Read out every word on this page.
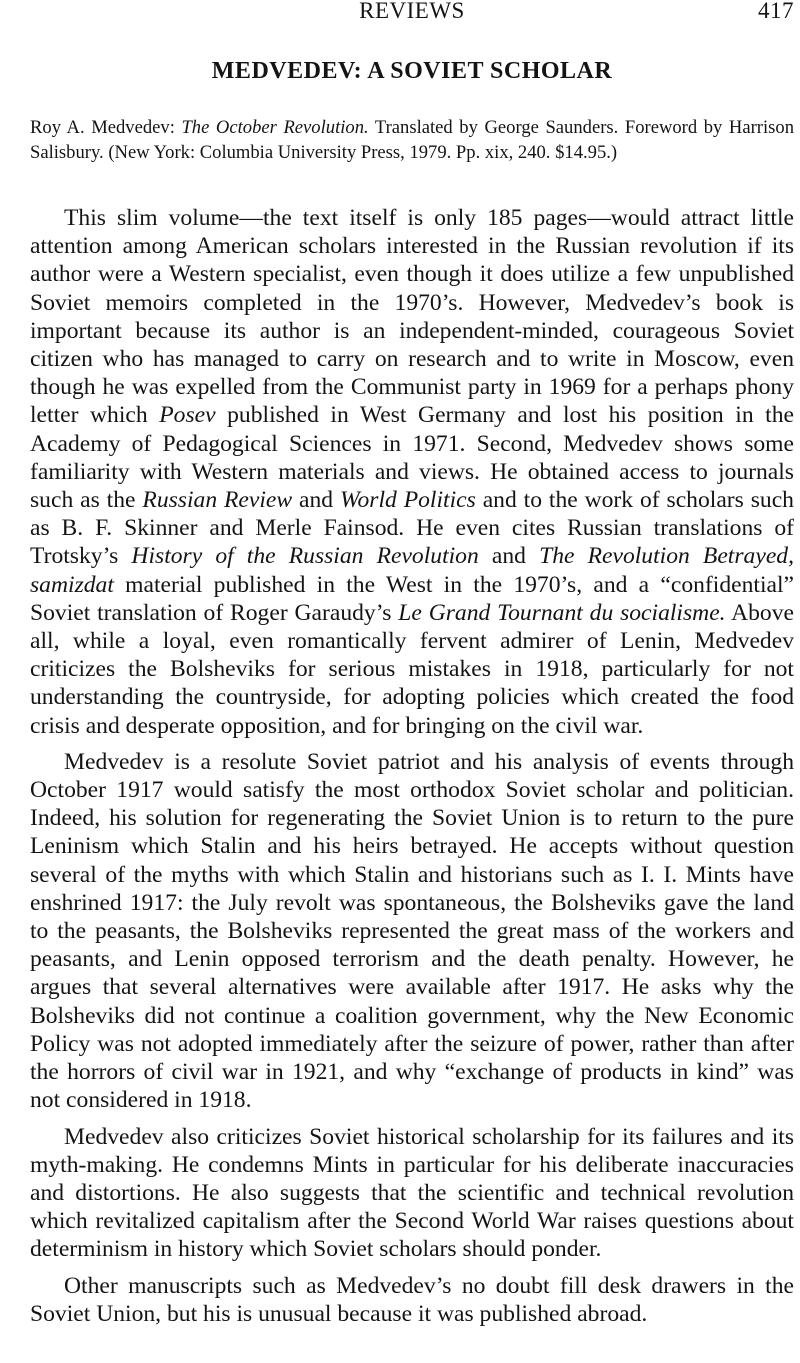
REVIEWS	417
MEDVEDEV: A SOVIET SCHOLAR
Roy A. Medvedev: The October Revolution. Translated by George Saunders. Foreword by Harrison Salisbury. (New York: Columbia University Press, 1979. Pp. xix, 240. $14.95.)

This slim volume—the text itself is only 185 pages—would attract little attention among American scholars interested in the Russian revolution if its author were a Western specialist, even though it does utilize a few unpublished Soviet memoirs completed in the 1970’s. However, Medvedev’s book is important because its author is an independent-minded, courageous Soviet citizen who has managed to carry on research and to write in Moscow, even though he was expelled from the Communist party in 1969 for a perhaps phony letter which Posev published in West Germany and lost his position in the Academy of Pedagogical Sciences in 1971. Second, Medvedev shows some familiarity with Western materials and views. He obtained access to journals such as the Russian Review and World Politics and to the work of scholars such as B. F. Skinner and Merle Fainsod. He even cites Russian translations of Trotsky’s History of the Russian Revolution and The Revolution Betrayed, samizdat material published in the West in the 1970’s, and a “confidential” Soviet translation of Roger Garaudy’s Le Grand Tournant du socialisme. Above all, while a loyal, even romantically fervent admirer of Lenin, Medvedev criticizes the Bolsheviks for serious mistakes in 1918, particularly for not understanding the countryside, for adopting policies which created the food crisis and desperate opposition, and for bringing on the civil war.

Medvedev is a resolute Soviet patriot and his analysis of events through October 1917 would satisfy the most orthodox Soviet scholar and politician. Indeed, his solution for regenerating the Soviet Union is to return to the pure Leninism which Stalin and his heirs betrayed. He accepts without question several of the myths with which Stalin and historians such as I. I. Mints have enshrined 1917: the July revolt was spontaneous, the Bolsheviks gave the land to the peasants, the Bolsheviks represented the great mass of the workers and peasants, and Lenin opposed terrorism and the death penalty. However, he argues that several alternatives were available after 1917. He asks why the Bolsheviks did not continue a coalition government, why the New Economic Policy was not adopted immediately after the seizure of power, rather than after the horrors of civil war in 1921, and why “exchange of products in kind” was not considered in 1918.

Medvedev also criticizes Soviet historical scholarship for its failures and its myth-making. He condemns Mints in particular for his deliberate inaccuracies and distortions. He also suggests that the scientific and technical revolution which revitalized capitalism after the Second World War raises questions about determinism in history which Soviet scholars should ponder.

Other manuscripts such as Medvedev’s no doubt fill desk drawers in the Soviet Union, but his is unusual because it was published abroad.
